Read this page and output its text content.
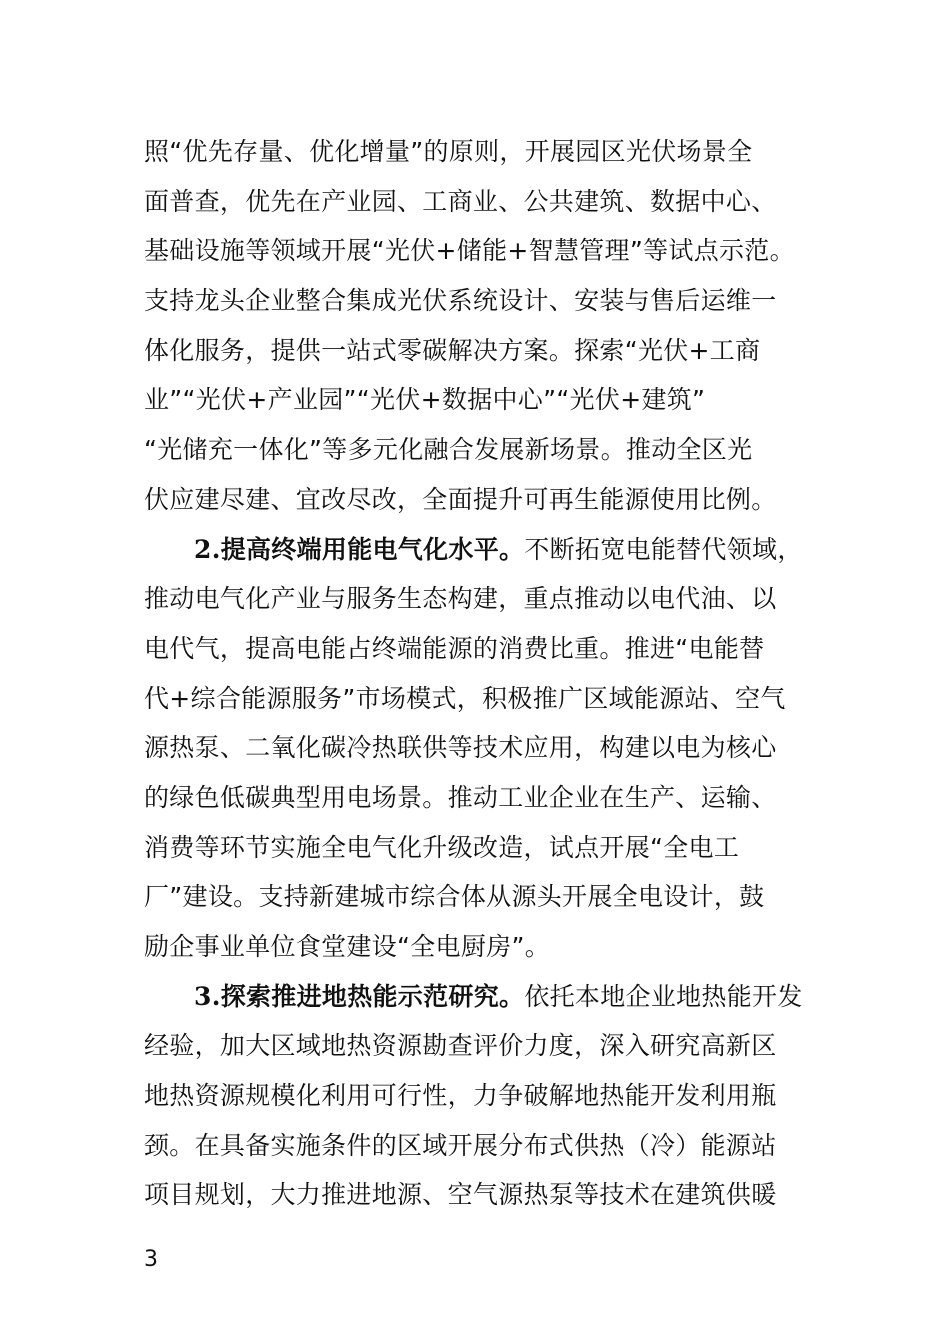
照“优先存量、优化增量”的原则，开展园区光伏场景全
面普查，优先在产业园、工商业、公共建筑、数据中心、
基础设施等领域开展“光伏+储能+智慧管理”等试点示范。
支持龙头企业整合集成光伏系统设计、安装与售后运维一
体化服务，提供一站式零碳解决方案。探索“光伏+工商
业”“光伏+产业园”“光伏+数据中心”“光伏+建筑”
“光储充一体化”等多元化融合发展新场景。推动全区光
伏应建尽建、宜改尽改，全面提升可再生能源使用比例。
2.提高终端用能电气化水平。不断拓宽电能替代领域，
推动电气化产业与服务生态构建，重点推动以电代油、以
电代气，提高电能占终端能源的消费比重。推进“电能替
代+综合能源服务”市场模式，积极推广区域能源站、空气
源热泵、二氧化碳冷热联供等技术应用，构建以电为核心
的绿色低碳典型用电场景。推动工业企业在生产、运输、
消费等环节实施全电气化升级改造，试点开展“全电工
厂”建设。支持新建城市综合体从源头开展全电设计，鼓
励企事业单位食堂建设“全电厨房”。
3.探索推进地热能示范研究。依托本地企业地热能开发
经验，加大区域地热资源勘查评价力度，深入研究高新区
地热资源规模化利用可行性，力争破解地热能开发利用瓶
颈。在具备实施条件的区域开展分布式供热（冷）能源站
项目规划，大力推进地源、空气源热泵等技术在建筑供暖
3
